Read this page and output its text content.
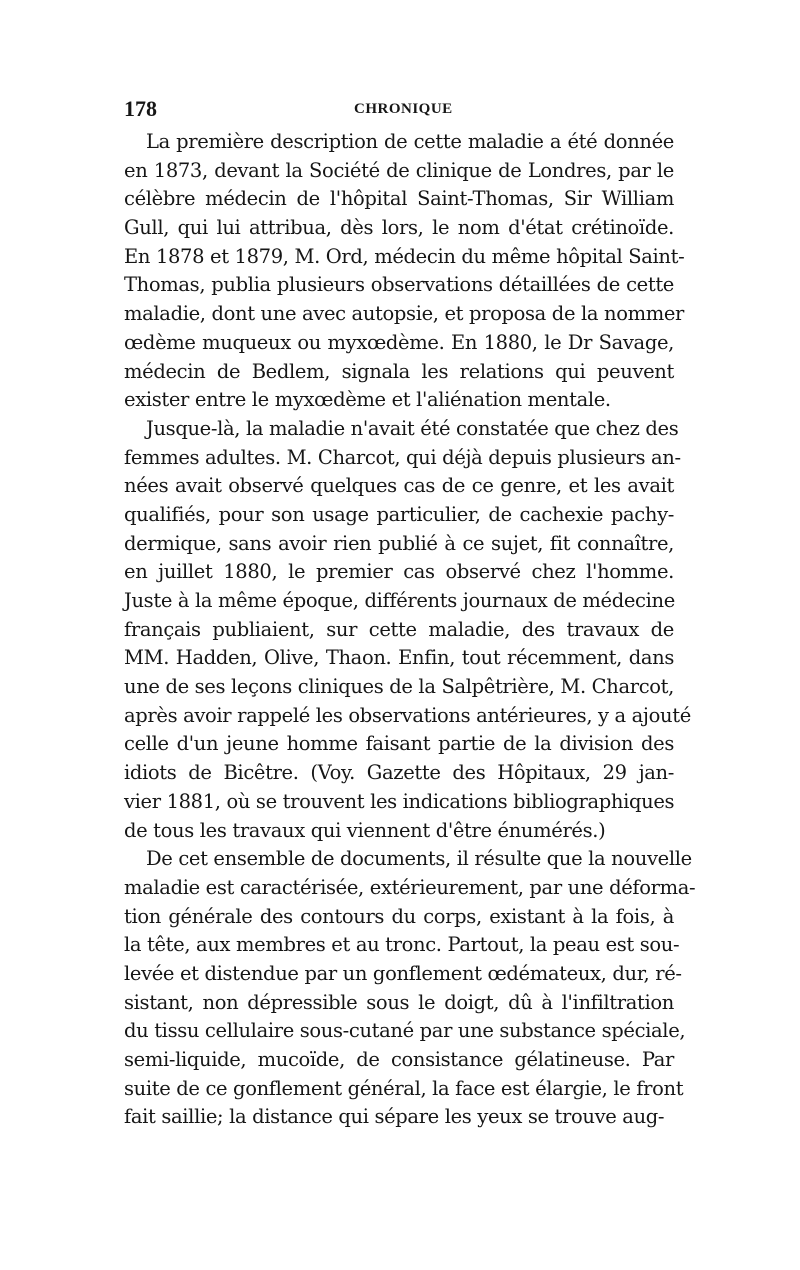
178	CHRONIQUE
La première description de cette maladie a été donnée
en 1873, devant la Société de clinique de Londres, par le
célèbre médecin de l'hôpital Saint-Thomas, Sir William
Gull, qui lui attribua, dès lors, le nom d'état crétinoïde.
En 1878 et 1879, M. Ord, médecin du même hôpital Saint-
Thomas, publia plusieurs observations détaillées de cette
maladie, dont une avec autopsie, et proposa de la nommer
œdème muqueux ou myxœdème. En 1880, le Dr Savage,
médecin de Bedlem, signala les relations qui peuvent
exister entre le myxœdème et l'aliénation mentale.
Jusque-là, la maladie n'avait été constatée que chez des
femmes adultes. M. Charcot, qui déjà depuis plusieurs an-
nées avait observé quelques cas de ce genre, et les avait
qualifiés, pour son usage particulier, de cachexie pachy-
dermique, sans avoir rien publié à ce sujet, fit connaître,
en juillet 1880, le premier cas observé chez l'homme.
Juste à la même époque, différents journaux de médecine
français publiaient, sur cette maladie, des travaux de
MM. Hadden, Olive, Thaon. Enfin, tout récemment, dans
une de ses leçons cliniques de la Salpêtrière, M. Charcot,
après avoir rappelé les observations antérieures, y a ajouté
celle d'un jeune homme faisant partie de la division des
idiots de Bicêtre. (Voy. Gazette des Hôpitaux, 29 jan-
vier 1881, où se trouvent les indications bibliographiques
de tous les travaux qui viennent d'être énumérés.)
De cet ensemble de documents, il résulte que la nouvelle
maladie est caractérisée, extérieurement, par une déforma-
tion générale des contours du corps, existant à la fois, à
la tête, aux membres et au tronc. Partout, la peau est sou-
levée et distendue par un gonflement œdémateux, dur, ré-
sistant, non dépressible sous le doigt, dû à l'infiltration
du tissu cellulaire sous-cutané par une substance spéciale,
semi-liquide, mucoïde, de consistance gélatineuse. Par
suite de ce gonflement général, la face est élargie, le front
fait saillie; la distance qui sépare les yeux se trouve aug-
